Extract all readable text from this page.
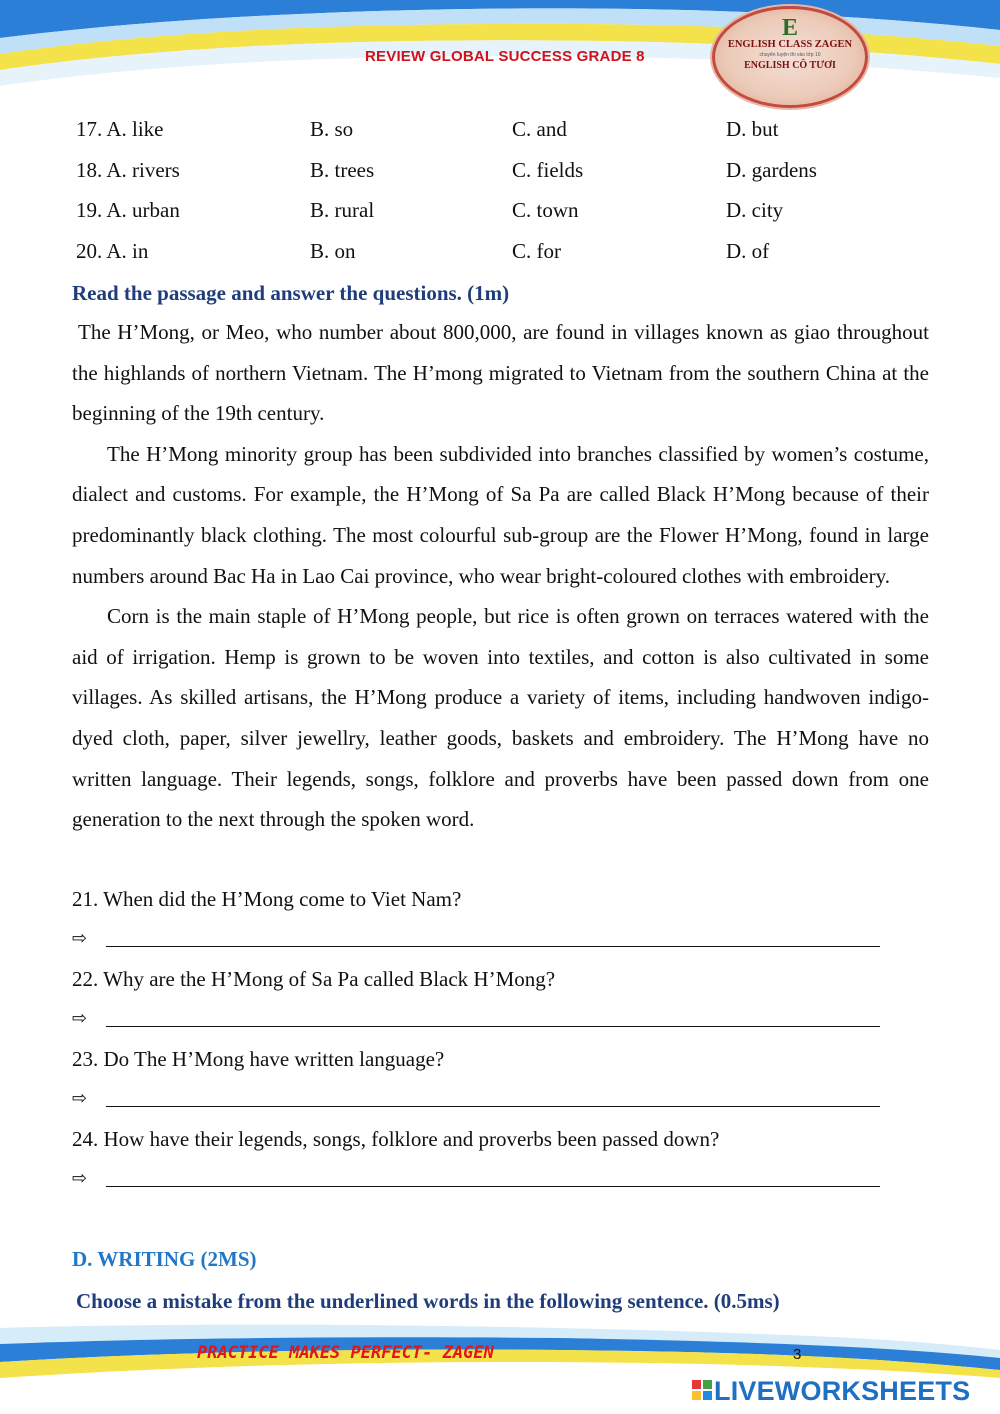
REVIEW GLOBAL SUCCESS GRADE 8
E
ENGLISH CLASS ZAGEN
chuyên luyện thi vào lớp 10
ENGLISH CÔ TƯƠI
17. A. like	B. so	C. and	D. but
18. A. rivers	B. trees	C. fields	D. gardens
19. A. urban	B. rural	C. town	D. city
20. A. in	B. on	C. for	D. of
Read the passage and answer the questions. (1m)

The H’Mong, or Meo, who number about 800,000, are found in villages known as giao throughout the highlands of northern Vietnam. The H’mong migrated to Vietnam from the southern China at the beginning of the 19th century.

The H’Mong minority group has been subdivided into branches classified by women’s costume, dialect and customs. For example, the H’Mong of Sa Pa are called Black H’Mong because of their predominantly black clothing. The most colourful sub-group are the Flower H’Mong, found in large numbers around Bac Ha in Lao Cai province, who wear bright-coloured clothes with embroidery.

Corn is the main staple of H’Mong people, but rice is often grown on terraces watered with the aid of irrigation. Hemp is grown to be woven into textiles, and cotton is also cultivated in some villages. As skilled artisans, the H’Mong produce a variety of items, including handwoven indigo-dyed cloth, paper, silver jewellry, leather goods, baskets and embroidery. The H’Mong have no written language. Their legends, songs, folklore and proverbs have been passed down from one generation to the next through the spoken word.

21. When did the H’Mong come to Viet Nam?
⇨
22. Why are the H’Mong of Sa Pa called Black H’Mong?
⇨
23. Do The H’Mong have written language?
⇨
24. How have their legends, songs, folklore and proverbs been passed down?
⇨
D. WRITING (2MS)
Choose a mistake from the underlined words in the following sentence. (0.5ms)
PRACTICE MAKES PERFECT- ZAGEN	3
LIVEWORKSHEETS
